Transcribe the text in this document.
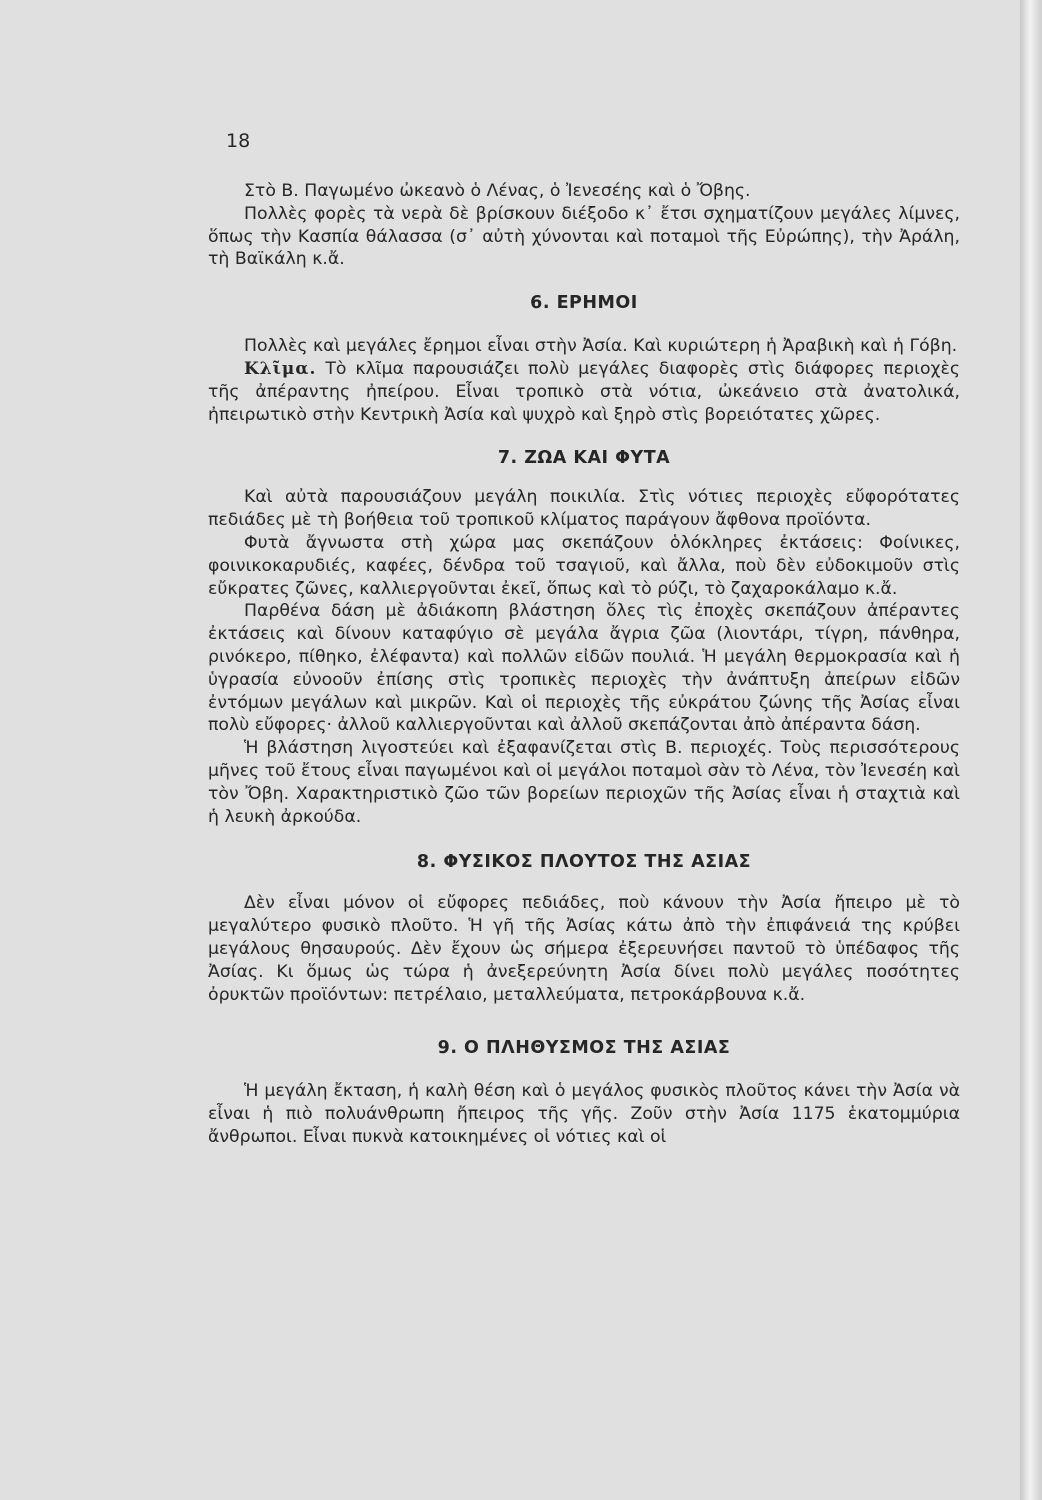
18

Στὸ Β. Παγωμένο ὠκεανὸ ὁ Λένας, ὁ Ἰενεσέης καὶ ὁ Ὄβης.

Πολλὲς φορὲς τὰ νερὰ δὲ βρίσκουν διέξοδο κ᾽ ἔτσι σχηματίζουν μεγάλες λίμνες, ὅπως τὴν Κασπία θάλασσα (σ᾽ αὐτὴ χύνονται καὶ ποταμοὶ τῆς Εὐρώπης), τὴν Ἀράλη, τὴ Βαϊκάλη κ.ἄ.

6. ΕΡΗΜΟΙ

Πολλὲς καὶ μεγάλες ἔρημοι εἶναι στὴν Ἀσία. Καὶ κυριώτερη ἡ Ἀραβικὴ καὶ ἡ Γόβη.

Κλῖμα. Τὸ κλῖμα παρουσιάζει πολὺ μεγάλες διαφορὲς στὶς διάφορες περιοχὲς τῆς ἀπέραντης ἠπείρου. Εἶναι τροπικὸ στὰ νότια, ὠκεάνειο στὰ ἀνατολικά, ἠπειρωτικὸ στὴν Κεντρικὴ Ἀσία καὶ ψυχρὸ καὶ ξηρὸ στὶς βορειότατες χῶρες.

7. ΖΩΑ ΚΑΙ ΦΥΤΑ

Καὶ αὐτὰ παρουσιάζουν μεγάλη ποικιλία. Στὶς νότιες περιοχὲς εὔφορότατες πεδιάδες μὲ τὴ βοήθεια τοῦ τροπικοῦ κλίματος παράγουν ἄφθονα προϊόντα.

Φυτὰ ἄγνωστα στὴ χώρα μας σκεπάζουν ὁλόκληρες ἐκτάσεις: Φοίνικες, φοινικοκαρυδιές, καφέες, δένδρα τοῦ τσαγιοῦ, καὶ ἄλλα, ποὺ δὲν εὐδοκιμοῦν στὶς εὔκρατες ζῶνες, καλλιεργοῦνται ἐκεῖ, ὅπως καὶ τὸ ρύζι, τὸ ζαχαροκάλαμο κ.ἄ.

Παρθένα δάση μὲ ἀδιάκοπη βλάστηση ὅλες τὶς ἐποχὲς σκεπάζουν ἀπέραντες ἐκτάσεις καὶ δίνουν καταφύγιο σὲ μεγάλα ἄγρια ζῶα (λιοντάρι, τίγρη, πάνθηρα, ρινόκερο, πίθηκο, ἐλέφαντα) καὶ πολλῶν εἰδῶν πουλιά. Ἡ μεγάλη θερμοκρασία καὶ ἡ ὑγρασία εὐνοοῦν ἐπίσης στὶς τροπικὲς περιοχὲς τὴν ἀνάπτυξη ἀπείρων εἰδῶν ἐντόμων μεγάλων καὶ μικρῶν. Καὶ οἱ περιοχὲς τῆς εὐκράτου ζώνης τῆς Ἀσίας εἶναι πολὺ εὔφορες· ἀλλοῦ καλλιεργοῦνται καὶ ἀλλοῦ σκεπάζονται ἀπὸ ἀπέραντα δάση.

Ἡ βλάστηση λιγοστεύει καὶ ἐξαφανίζεται στὶς Β. περιοχές. Τοὺς περισσότερους μῆνες τοῦ ἔτους εἶναι παγωμένοι καὶ οἱ μεγάλοι ποταμοὶ σὰν τὸ Λένα, τὸν Ἰενεσέη καὶ τὸν Ὄβη. Χαρακτηριστικὸ ζῶο τῶν βορείων περιοχῶν τῆς Ἀσίας εἶναι ἡ σταχτιὰ καὶ ἡ λευκὴ ἀρκούδα.

8. ΦΥΣΙΚΟΣ ΠΛΟΥΤΟΣ ΤΗΣ ΑΣΙΑΣ

Δὲν εἶναι μόνον οἱ εὔφορες πεδιάδες, ποὺ κάνουν τὴν Ἀσία ἤπειρο μὲ τὸ μεγαλύτερο φυσικὸ πλοῦτο. Ἡ γῆ τῆς Ἀσίας κάτω ἀπὸ τὴν ἐπιφάνειά της κρύβει μεγάλους θησαυρούς. Δὲν ἔχουν ὡς σήμερα ἐξερευνήσει παντοῦ τὸ ὑπέδαφος τῆς Ἀσίας. Κι ὅμως ὡς τώρα ἡ ἀνεξερεύνητη Ἀσία δίνει πολὺ μεγάλες ποσότητες ὀρυκτῶν προϊόντων: πετρέλαιο, μεταλλεύματα, πετροκάρβουνα κ.ἄ.

9. Ο ΠΛΗΘΥΣΜΟΣ ΤΗΣ ΑΣΙΑΣ

Ἡ μεγάλη ἔκταση, ἡ καλὴ θέση καὶ ὁ μεγάλος φυσικὸς πλοῦτος κάνει τὴν Ἀσία νὰ εἶναι ἡ πιὸ πολυάνθρωπη ἤπειρος τῆς γῆς. Ζοῦν στὴν Ἀσία 1175 ἑκατομμύρια ἄνθρωποι. Εἶναι πυκνὰ κατοικημένες οἱ νότιες καὶ οἱ
